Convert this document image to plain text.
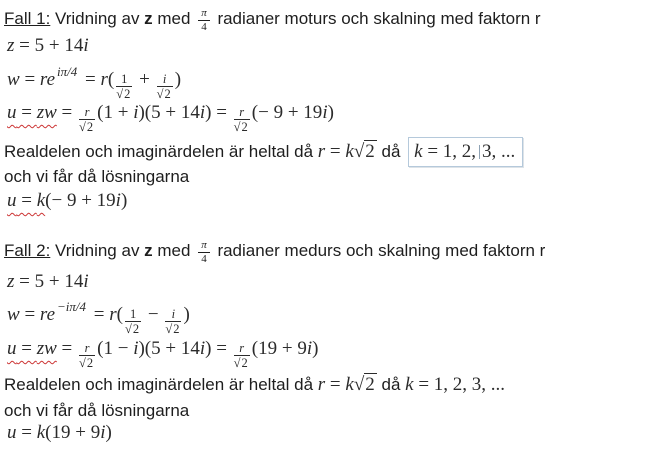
Fall 1: Vridning av z med $\frac{\pi}{4}$ radianer moturs och skalning med faktorn r
z = 5 + 14i
w = re $^{i\pi/4} = r( \frac{1}{√2} + \frac{i}{√2}$ )
u = zw = $\frac{r}{√2} (1 + i)(5 + 14i) = \frac{r}{√2}$ (− 9 + 19i)
Realdelen och imaginärdelen är heltal då r = k√2 då k = 1, 2, 3, ...
och vi får då lösningarna
u = k(− 9 + 19i)
Fall 2: Vridning av z med $\frac{\pi}{4}$ radianer medurs och skalning med faktorn r
z = 5 + 14i
w = re $^{-i\pi/4} = r( \frac{1}{√2} - \frac{i}{√2}$ )
u = zw = $\frac{r}{√2} (1 - i)(5 + 14i) = \frac{r}{√2} (19 + 9i)$
Realdelen och imaginärdelen är heltal då r = k√2 då k = 1, 2, 3, ...
och vi får då lösningarna
u = k(19 + 9i)
